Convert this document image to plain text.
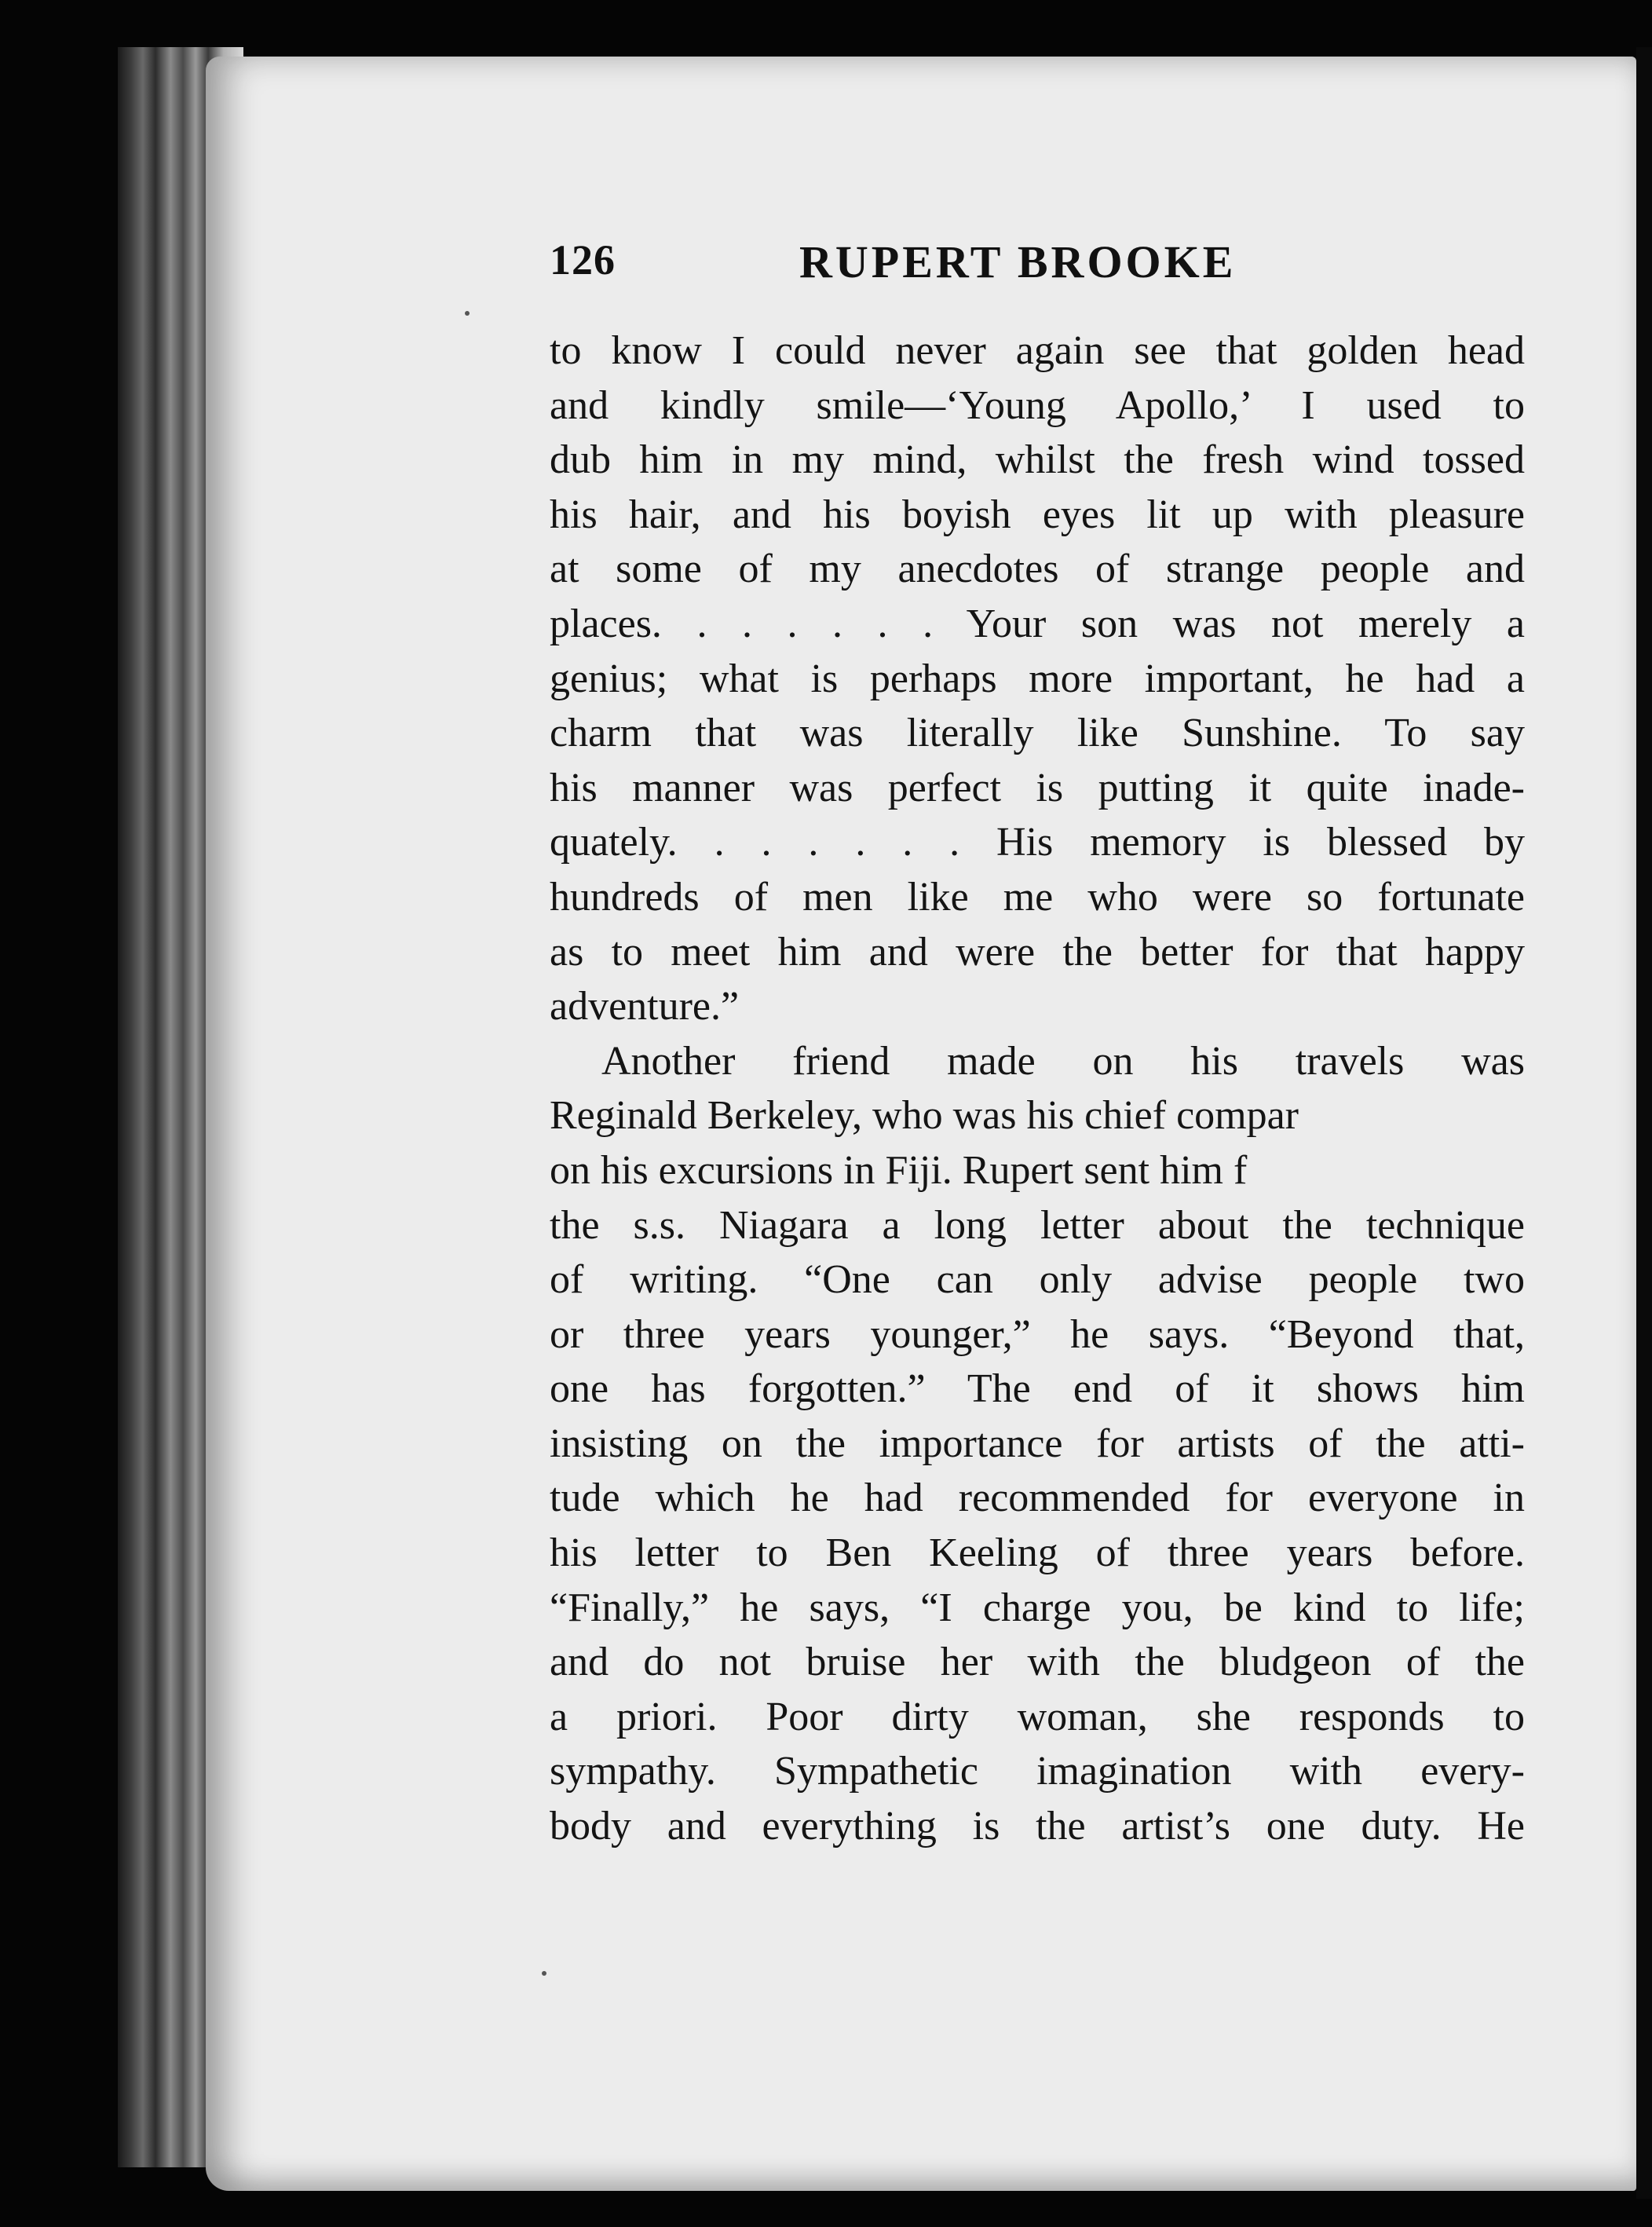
126	RUPERT BROOKE
to know I could never again see that golden head
and kindly smile—‘Young Apollo,’ I used to
dub him in my mind, whilst the fresh wind tossed
his hair, and his boyish eyes lit up with pleasure
at some of my anecdotes of strange people and
places. . . . . . . Your son was not merely a
genius; what is perhaps more important, he had a
charm that was literally like Sunshine. To say
his manner was perfect is putting it quite inade-
quately. . . . . . . His memory is blessed by
hundreds of men like me who were so fortunate
as to meet him and were the better for that happy
adventure.”
Another friend made on his travels was
Reginald Berkeley, who was his chief compar
on his excursions in Fiji. Rupert sent him f
the s.s. Niagara a long letter about the technique
of writing. “One can only advise people two
or three years younger,” he says. “Beyond that,
one has forgotten.” The end of it shows him
insisting on the importance for artists of the atti-
tude which he had recommended for everyone in
his letter to Ben Keeling of three years before.
“Finally,” he says, “I charge you, be kind to life;
and do not bruise her with the bludgeon of the
a priori. Poor dirty woman, she responds to
sympathy. Sympathetic imagination with every-
body and everything is the artist’s one duty. He
